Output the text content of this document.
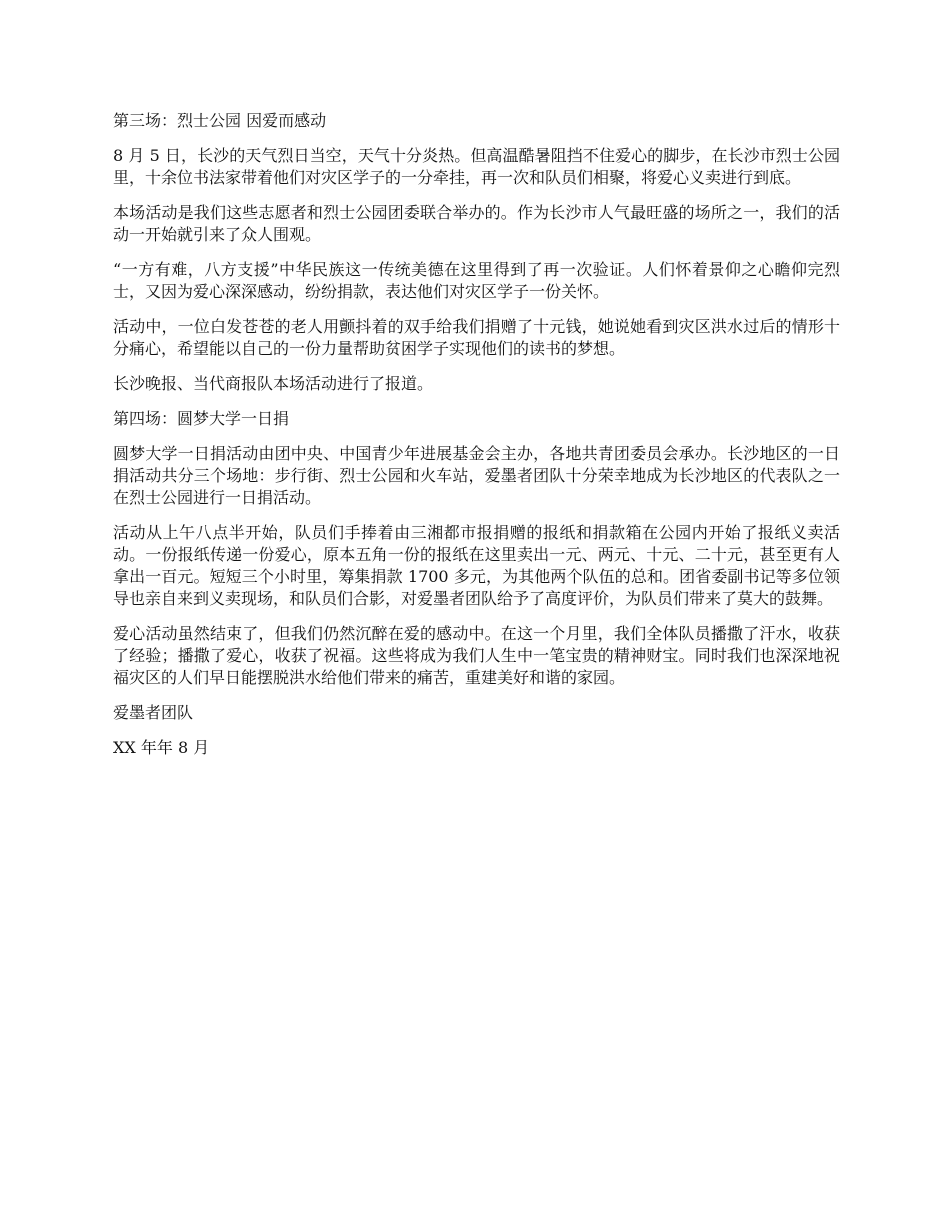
第三场：烈士公园 因爱而感动

8 月 5 日，长沙的天气烈日当空，天气十分炎热。但高温酷暑阻挡不住爱心的脚步，在长沙市烈士公园里，十余位书法家带着他们对灾区学子的一分牵挂，再一次和队员们相聚，将爱心义卖进行到底。

本场活动是我们这些志愿者和烈士公园团委联合举办的。作为长沙市人气最旺盛的场所之一，我们的活动一开始就引来了众人围观。

“一方有难，八方支援”中华民族这一传统美德在这里得到了再一次验证。人们怀着景仰之心瞻仰完烈士，又因为爱心深深感动，纷纷捐款，表达他们对灾区学子一份关怀。

活动中，一位白发苍苍的老人用颤抖着的双手给我们捐赠了十元钱，她说她看到灾区洪水过后的情形十分痛心，希望能以自己的一份力量帮助贫困学子实现他们的读书的梦想。

长沙晚报、当代商报队本场活动进行了报道。

第四场：圆梦大学一日捐

圆梦大学一日捐活动由团中央、中国青少年进展基金会主办，各地共青团委员会承办。长沙地区的一日捐活动共分三个场地：步行街、烈士公园和火车站，爱墨者团队十分荣幸地成为长沙地区的代表队之一在烈士公园进行一日捐活动。

活动从上午八点半开始，队员们手捧着由三湘都市报捐赠的报纸和捐款箱在公园内开始了报纸义卖活动。一份报纸传递一份爱心，原本五角一份的报纸在这里卖出一元、两元、十元、二十元，甚至更有人拿出一百元。短短三个小时里，筹集捐款 1700 多元，为其他两个队伍的总和。团省委副书记等多位领导也亲自来到义卖现场，和队员们合影，对爱墨者团队给予了高度评价，为队员们带来了莫大的鼓舞。

爱心活动虽然结束了，但我们仍然沉醉在爱的感动中。在这一个月里，我们全体队员播撒了汗水，收获了经验；播撒了爱心，收获了祝福。这些将成为我们人生中一笔宝贵的精神财宝。同时我们也深深地祝福灾区的人们早日能摆脱洪水给他们带来的痛苦，重建美好和谐的家园。

爱墨者团队

XX 年年 8 月
